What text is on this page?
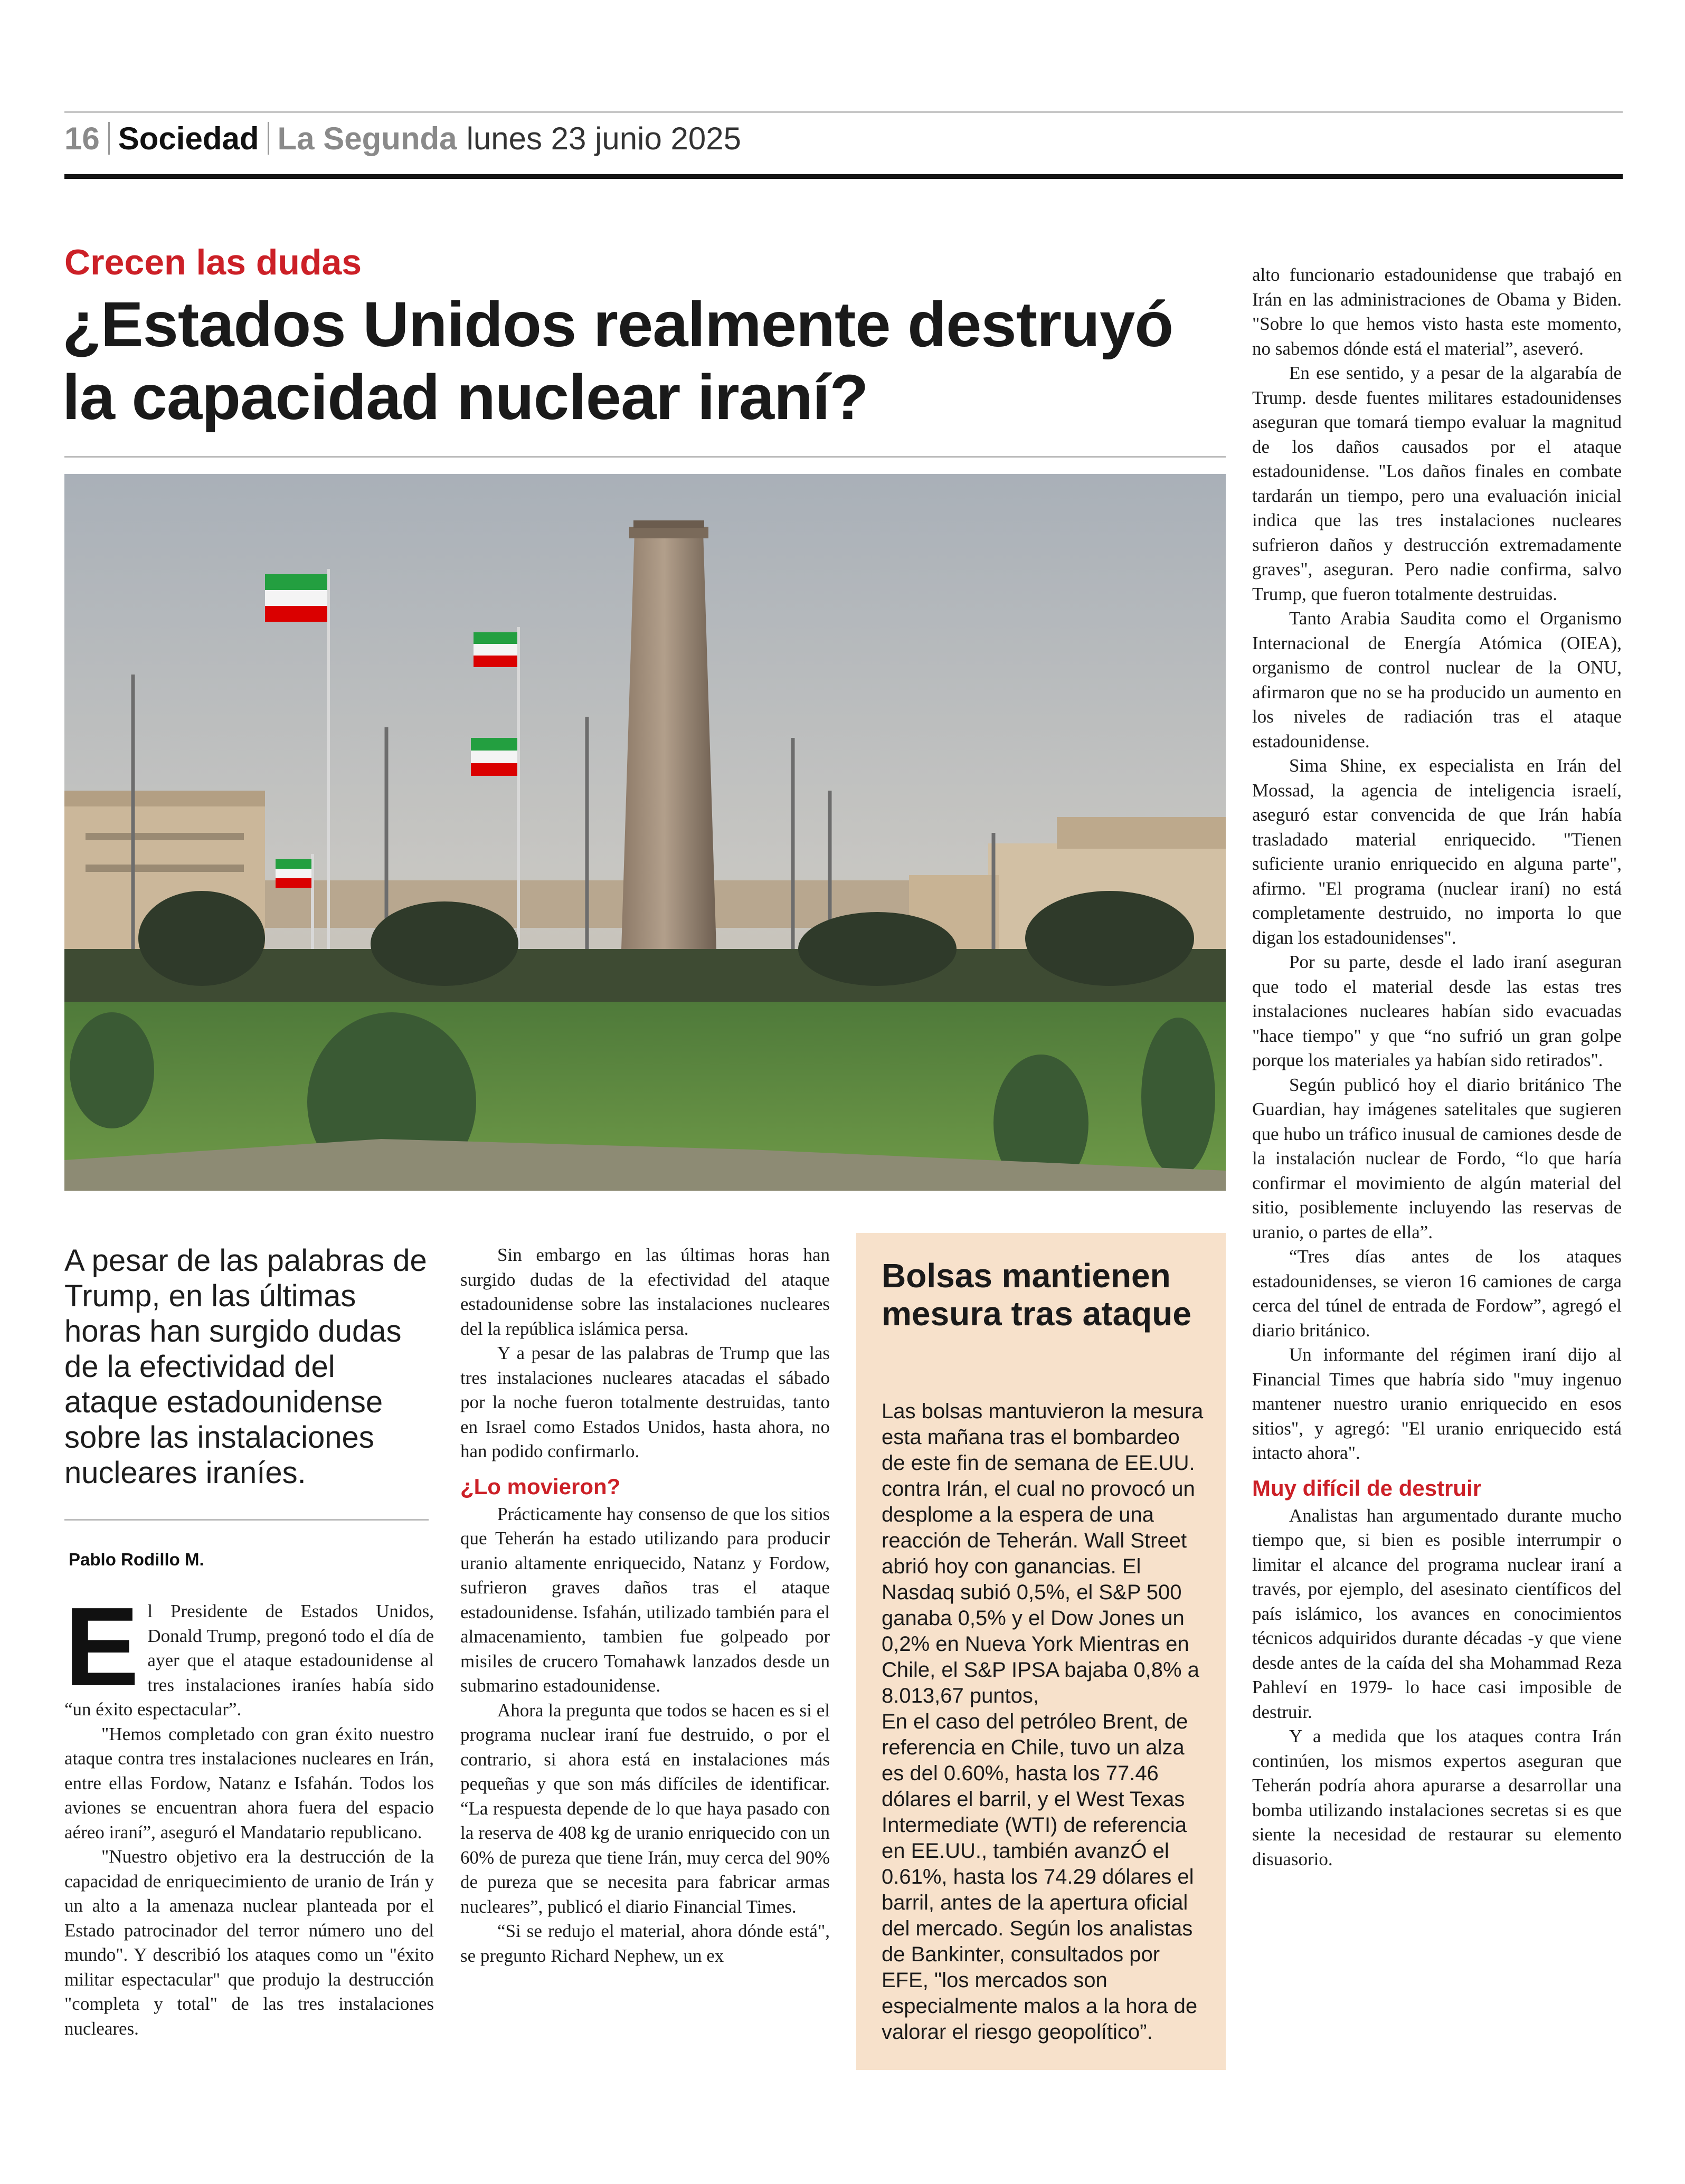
16 Sociedad La Segunda lunes 23 junio 2025
Crecen las dudas
¿Estados Unidos realmente destruyó la capacidad nuclear iraní?

A pesar de las palabras de Trump, en las últimas horas han surgido dudas de la efectividad del ataque estadounidense sobre las instalaciones nucleares iraníes.

Pablo Rodillo M.

El Presidente de Estados Unidos, Donald Trump, pregonó todo el día de ayer que el ataque estadounidense al tres instalaciones iraníes había sido “un éxito espectacular”.

"Hemos completado con gran éxito nuestro ataque contra tres instalaciones nucleares en Irán, entre ellas Fordow, Natanz e Isfahán. Todos los aviones se encuentran ahora fuera del espacio aéreo iraní”, aseguró el Mandatario republicano.

"Nuestro objetivo era la destrucción de la capacidad de enriquecimiento de uranio de Irán y un alto a la amenaza nuclear planteada por el Estado patrocinador del terror número uno del mundo". Y describió los ataques como un "éxito militar espectacular" que produjo la destrucción "completa y total" de las tres instalaciones nucleares.

Sin embargo en las últimas horas han surgido dudas de la efectividad del ataque estadounidense sobre las instalaciones nucleares del la república islámica persa.

Y a pesar de las palabras de Trump que las tres instalaciones nucleares atacadas el sábado por la noche fueron totalmente destruidas, tanto en Israel como Estados Unidos, hasta ahora, no han podido confirmarlo.

¿Lo movieron?

Prácticamente hay consenso de que los sitios que Teherán ha estado utilizando para producir uranio altamente enriquecido, Natanz y Fordow, sufrieron graves daños tras el ataque estadounidense. Isfahán, utilizado también para el almacenamiento, tambien fue golpeado por misiles de crucero Tomahawk lanzados desde un submarino estadounidense.

Ahora la pregunta que todos se hacen es si el programa nuclear iraní fue destruido, o por el contrario, si ahora está en instalaciones más pequeñas y que son más difíciles de identificar. “La respuesta depende de lo que haya pasado con la reserva de 408 kg de uranio enriquecido con un 60% de pureza que tiene Irán, muy cerca del 90% de pureza que se necesita para fabricar armas nucleares”, publicó el diario Financial Times.

“Si se redujo el material, ahora dónde está", se pregunto Richard Nephew, un ex

Bolsas mantienen mesura tras ataque

Las bolsas mantuvieron la mesura esta mañana tras el bombardeo de este fin de semana de EE.UU. contra Irán, el cual no provocó un desplome a la espera de una reacción de Teherán. Wall Street abrió hoy con ganancias. El Nasdaq subió 0,5%, el S&P 500 ganaba 0,5% y el Dow Jones un 0,2% en Nueva York Mientras en Chile, el S&P IPSA bajaba 0,8% a 8.013,67 puntos,

En el caso del petróleo Brent, de referencia en Chile, tuvo un alza es del 0.60%, hasta los 77.46 dólares el barril, y el West Texas Intermediate (WTI) de referencia en EE.UU., también avanzÓ el 0.61%, hasta los 74.29 dólares el barril, antes de la apertura oficial del mercado. Según los analistas de Bankinter, consultados por EFE, "los mercados son especialmente malos a la hora de valorar el riesgo geopolítico”.

alto funcionario estadounidense que trabajó en Irán en las administraciones de Obama y Biden. "Sobre lo que hemos visto hasta este momento, no sabemos dónde está el material”, aseveró.

En ese sentido, y a pesar de la algarabía de Trump. desde fuentes militares estadounidenses aseguran que tomará tiempo evaluar la magnitud de los daños causados por el ataque estadounidense. "Los daños finales en combate tardarán un tiempo, pero una evaluación inicial indica que las tres instalaciones nucleares sufrieron daños y destrucción extremadamente graves", aseguran. Pero nadie confirma, salvo Trump, que fueron totalmente destruidas.

Tanto Arabia Saudita como el Organismo Internacional de Energía Atómica (OIEA), organismo de control nuclear de la ONU, afirmaron que no se ha producido un aumento en los niveles de radiación tras el ataque estadounidense.

Sima Shine, ex especialista en Irán del Mossad, la agencia de inteligencia israelí, aseguró estar convencida de que Irán había trasladado material enriquecido. "Tienen suficiente uranio enriquecido en alguna parte", afirmo. "El programa (nuclear iraní) no está completamente destruido, no importa lo que digan los estadounidenses".

Por su parte, desde el lado iraní aseguran que todo el material desde las estas tres instalaciones nucleares habían sido evacuadas "hace tiempo" y que “no sufrió un gran golpe porque los materiales ya habían sido retirados".

Según publicó hoy el diario británico The Guardian, hay imágenes satelitales que sugieren que hubo un tráfico inusual de camiones desde de la instalación nuclear de Fordo, “lo que haría confirmar el movimiento de algún material del sitio, posiblemente incluyendo las reservas de uranio, o partes de ella”.

“Tres días antes de los ataques estadounidenses, se vieron 16 camiones de carga cerca del túnel de entrada de Fordow”, agregó el diario británico.

Un informante del régimen iraní dijo al Financial Times que habría sido "muy ingenuo mantener nuestro uranio enriquecido en esos sitios", y agregó: "El uranio enriquecido está intacto ahora".

Muy difícil de destruir

Analistas han argumentado durante mucho tiempo que, si bien es posible interrumpir o limitar el alcance del programa nuclear iraní a través, por ejemplo, del asesinato científicos del país islámico, los avances en conocimientos técnicos adquiridos durante décadas -y que viene desde antes de la caída del sha Mohammad Reza Pahleví en 1979- lo hace casi imposible de destruir.

Y a medida que los ataques contra Irán continúen, los mismos expertos aseguran que Teherán podría ahora apurarse a desarrollar una bomba utilizando instalaciones secretas si es que siente la necesidad de restaurar su elemento disuasorio.
